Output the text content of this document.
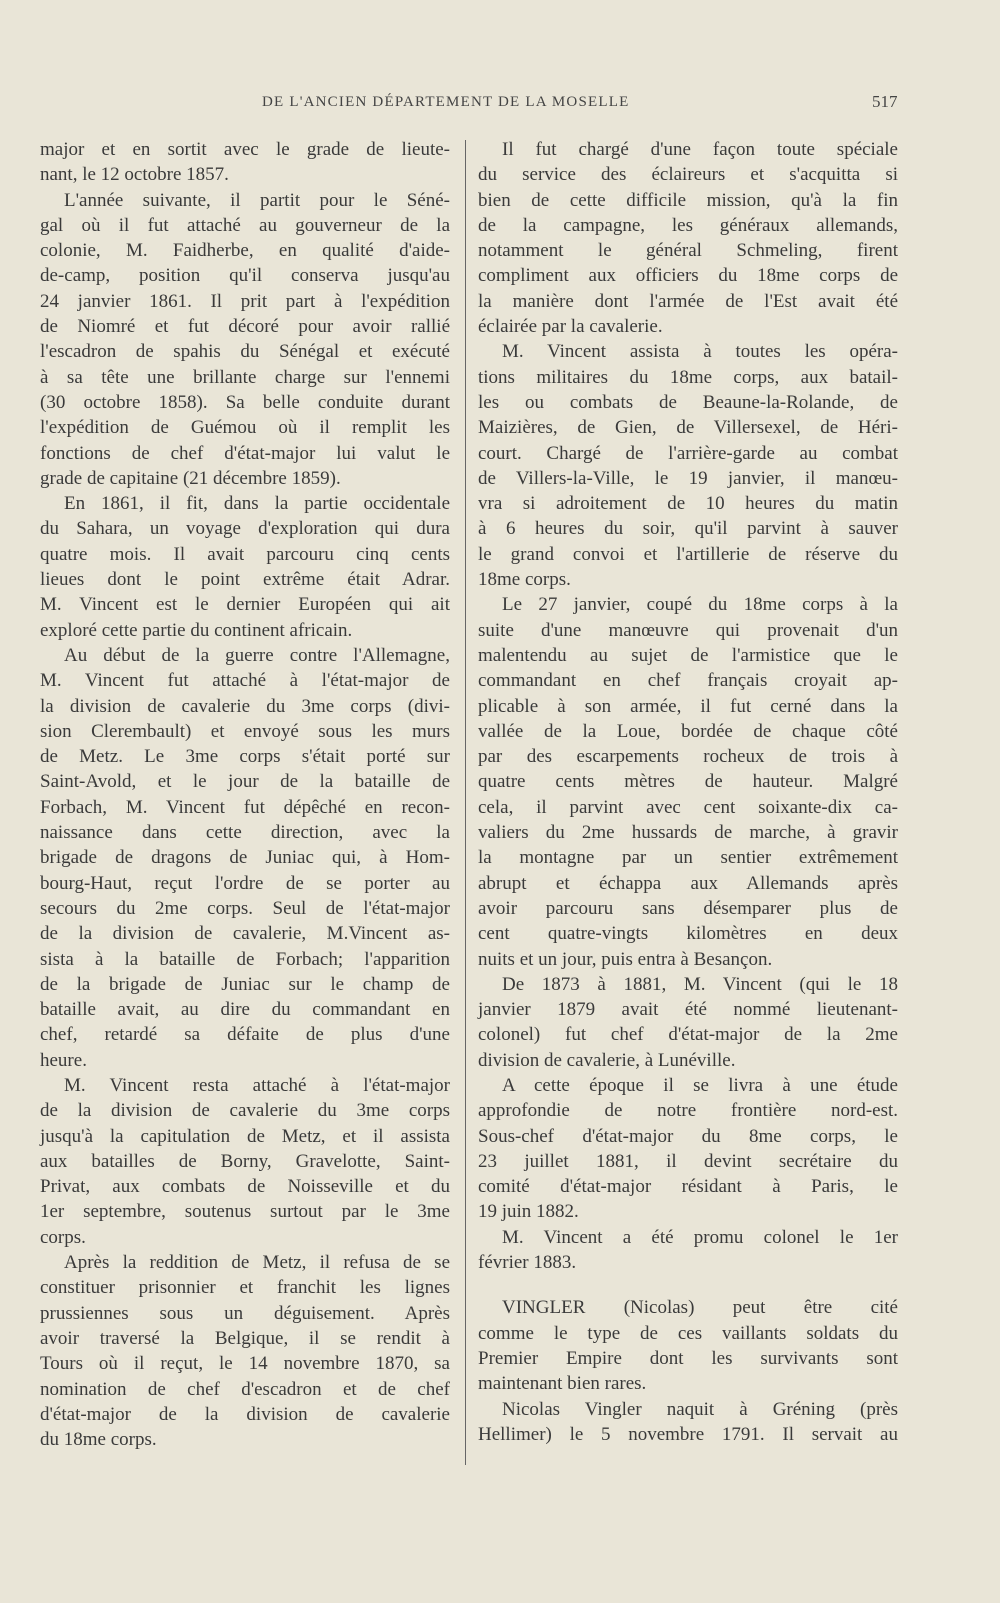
DE L'ANCIEN DÉPARTEMENT DE LA MOSELLE	517
major et en sortit avec le grade de lieute-
nant, le 12 octobre 1857.
L'année suivante, il partit pour le Séné-
gal où il fut attaché au gouverneur de la
colonie, M. Faidherbe, en qualité d'aide-
de-camp, position qu'il conserva jusqu'au
24 janvier 1861. Il prit part à l'expédition
de Niomré et fut décoré pour avoir rallié
l'escadron de spahis du Sénégal et exécuté
à sa tête une brillante charge sur l'ennemi
(30 octobre 1858). Sa belle conduite durant
l'expédition de Guémou où il remplit les
fonctions de chef d'état-major lui valut le
grade de capitaine (21 décembre 1859).
En 1861, il fit, dans la partie occidentale
du Sahara, un voyage d'exploration qui dura
quatre mois. Il avait parcouru cinq cents
lieues dont le point extrême était Adrar.
M. Vincent est le dernier Européen qui ait
exploré cette partie du continent africain.
Au début de la guerre contre l'Allemagne,
M. Vincent fut attaché à l'état-major de
la division de cavalerie du 3me corps (divi-
sion Clerembault) et envoyé sous les murs
de Metz. Le 3me corps s'était porté sur
Saint-Avold, et le jour de la bataille de
Forbach, M. Vincent fut dépêché en recon-
naissance dans cette direction, avec la
brigade de dragons de Juniac qui, à Hom-
bourg-Haut, reçut l'ordre de se porter au
secours du 2me corps. Seul de l'état-major
de la division de cavalerie, M.Vincent as-
sista à la bataille de Forbach; l'apparition
de la brigade de Juniac sur le champ de
bataille avait, au dire du commandant en
chef, retardé sa défaite de plus d'une
heure.
M. Vincent resta attaché à l'état-major
de la division de cavalerie du 3me corps
jusqu'à la capitulation de Metz, et il assista
aux batailles de Borny, Gravelotte, Saint-
Privat, aux combats de Noisseville et du
1er septembre, soutenus surtout par le 3me
corps.
Après la reddition de Metz, il refusa de se
constituer prisonnier et franchit les lignes
prussiennes sous un déguisement. Après
avoir traversé la Belgique, il se rendit à
Tours où il reçut, le 14 novembre 1870, sa
nomination de chef d'escadron et de chef
d'état-major de la division de cavalerie
du 18me corps.
Il fut chargé d'une façon toute spéciale
du service des éclaireurs et s'acquitta si
bien de cette difficile mission, qu'à la fin
de la campagne, les généraux allemands,
notamment le général Schmeling, firent
compliment aux officiers du 18me corps de
la manière dont l'armée de l'Est avait été
éclairée par la cavalerie.
M. Vincent assista à toutes les opéra-
tions militaires du 18me corps, aux batail-
les ou combats de Beaune-la-Rolande, de
Maizières, de Gien, de Villersexel, de Héri-
court. Chargé de l'arrière-garde au combat
de Villers-la-Ville, le 19 janvier, il manœu-
vra si adroitement de 10 heures du matin
à 6 heures du soir, qu'il parvint à sauver
le grand convoi et l'artillerie de réserve du
18me corps.
Le 27 janvier, coupé du 18me corps à la
suite d'une manœuvre qui provenait d'un
malentendu au sujet de l'armistice que le
commandant en chef français croyait ap-
plicable à son armée, il fut cerné dans la
vallée de la Loue, bordée de chaque côté
par des escarpements rocheux de trois à
quatre cents mètres de hauteur. Malgré
cela, il parvint avec cent soixante-dix ca-
valiers du 2me hussards de marche, à gravir
la montagne par un sentier extrêmement
abrupt et échappa aux Allemands après
avoir parcouru sans désemparer plus de
cent quatre-vingts kilomètres en deux
nuits et un jour, puis entra à Besançon.
De 1873 à 1881, M. Vincent (qui le 18
janvier 1879 avait été nommé lieutenant-
colonel) fut chef d'état-major de la 2me
division de cavalerie, à Lunéville.
A cette époque il se livra à une étude
approfondie de notre frontière nord-est.
Sous-chef d'état-major du 8me corps, le
23 juillet 1881, il devint secrétaire du
comité d'état-major résidant à Paris, le
19 juin 1882.
M. Vincent a été promu colonel le 1er
février 1883.
VINGLER (Nicolas) peut être cité
comme le type de ces vaillants soldats du
Premier Empire dont les survivants sont
maintenant bien rares.
Nicolas Vingler naquit à Gréning (près
Hellimer) le 5 novembre 1791. Il servait au
